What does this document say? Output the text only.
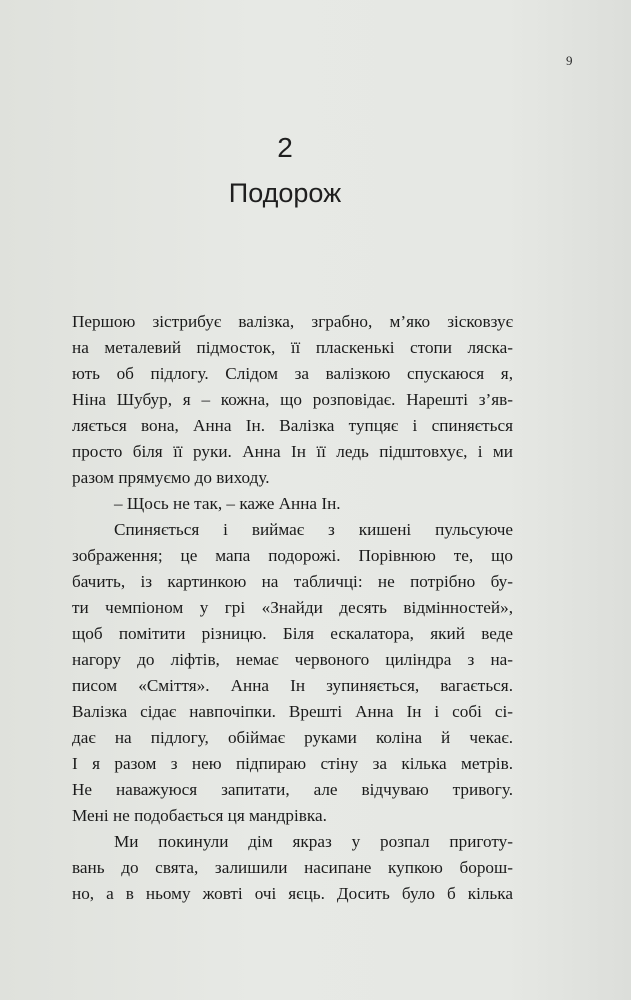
9
2
Подорож
Першою зістрибує валізка, зграбно, м’яко зісковзує
на металевий підмосток, її пласкенькі стопи ляска-
ють об підлогу. Слідом за валізкою спускаюся я,
Ніна Шубур, я – кожна, що розповідає. Нарешті з’яв-
ляється вона, Анна Ін. Валізка тупцяє і спиняється
просто біля її руки. Анна Ін її ледь підштовхує, і ми
разом прямуємо до виходу.
– Щось не так, – каже Анна Ін.
Спиняється і виймає з кишені пульсуюче
зображення; це мапа подорожі. Порівнюю те, що
бачить, із картинкою на табличці: не потрібно бу-
ти чемпіоном у грі «Знайди десять відмінностей»,
щоб помітити різницю. Біля ескалатора, який веде
нагору до ліфтів, немає червоного циліндра з на-
писом «Сміття». Анна Ін зупиняється, вагається.
Валізка сідає навпочіпки. Врешті Анна Ін і собі сі-
дає на підлогу, обіймає руками коліна й чекає.
І я разом з нею підпираю стіну за кілька метрів.
Не наважуюся запитати, але відчуваю тривогу.
Мені не подобається ця мандрівка.
Ми покинули дім якраз у розпал приготу-
вань до свята, залишили насипане купкою борош-
но, а в ньому жовті очі яєць. Досить було б кілька
